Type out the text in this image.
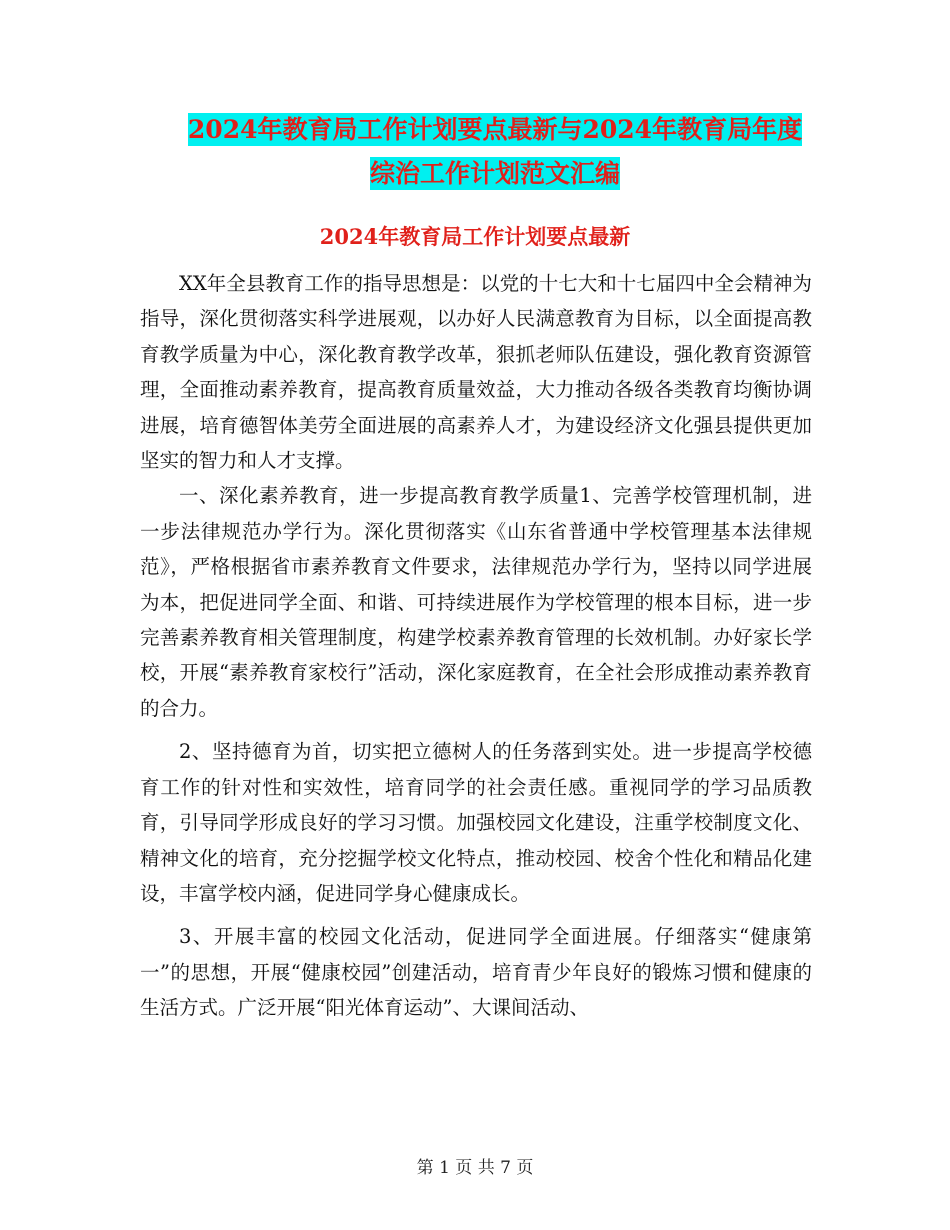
2024年教育局工作计划要点最新与2024年教育局年度
综治工作计划范文汇编
2024年教育局工作计划要点最新

XX年全县教育工作的指导思想是：以党的十七大和十七届四中全会精神为指导，深化贯彻落实科学进展观，以办好人民满意教育为目标，以全面提高教育教学质量为中心，深化教育教学改革，狠抓老师队伍建设，强化教育资源管理，全面推动素养教育，提高教育质量效益，大力推动各级各类教育均衡协调进展，培育德智体美劳全面进展的高素养人才，为建设经济文化强县提供更加坚实的智力和人才支撑。

一、深化素养教育，进一步提高教育教学质量1、完善学校管理机制，进一步法律规范办学行为。深化贯彻落实《山东省普通中学校管理基本法律规范》，严格根据省市素养教育文件要求，法律规范办学行为，坚持以同学进展为本，把促进同学全面、和谐、可持续进展作为学校管理的根本目标，进一步完善素养教育相关管理制度，构建学校素养教育管理的长效机制。办好家长学校，开展“素养教育家校行”活动，深化家庭教育，在全社会形成推动素养教育的合力。

2、坚持德育为首，切实把立德树人的任务落到实处。进一步提高学校德育工作的针对性和实效性，培育同学的社会责任感。重视同学的学习品质教育，引导同学形成良好的学习习惯。加强校园文化建设，注重学校制度文化、精神文化的培育，充分挖掘学校文化特点，推动校园、校舍个性化和精品化建设，丰富学校内涵，促进同学身心健康成长。

3、开展丰富的校园文化活动，促进同学全面进展。仔细落实“健康第一”的思想，开展“健康校园”创建活动，培育青少年良好的锻炼习惯和健康的生活方式。广泛开展“阳光体育运动”、大课间活动、

第 1 页 共 7 页
